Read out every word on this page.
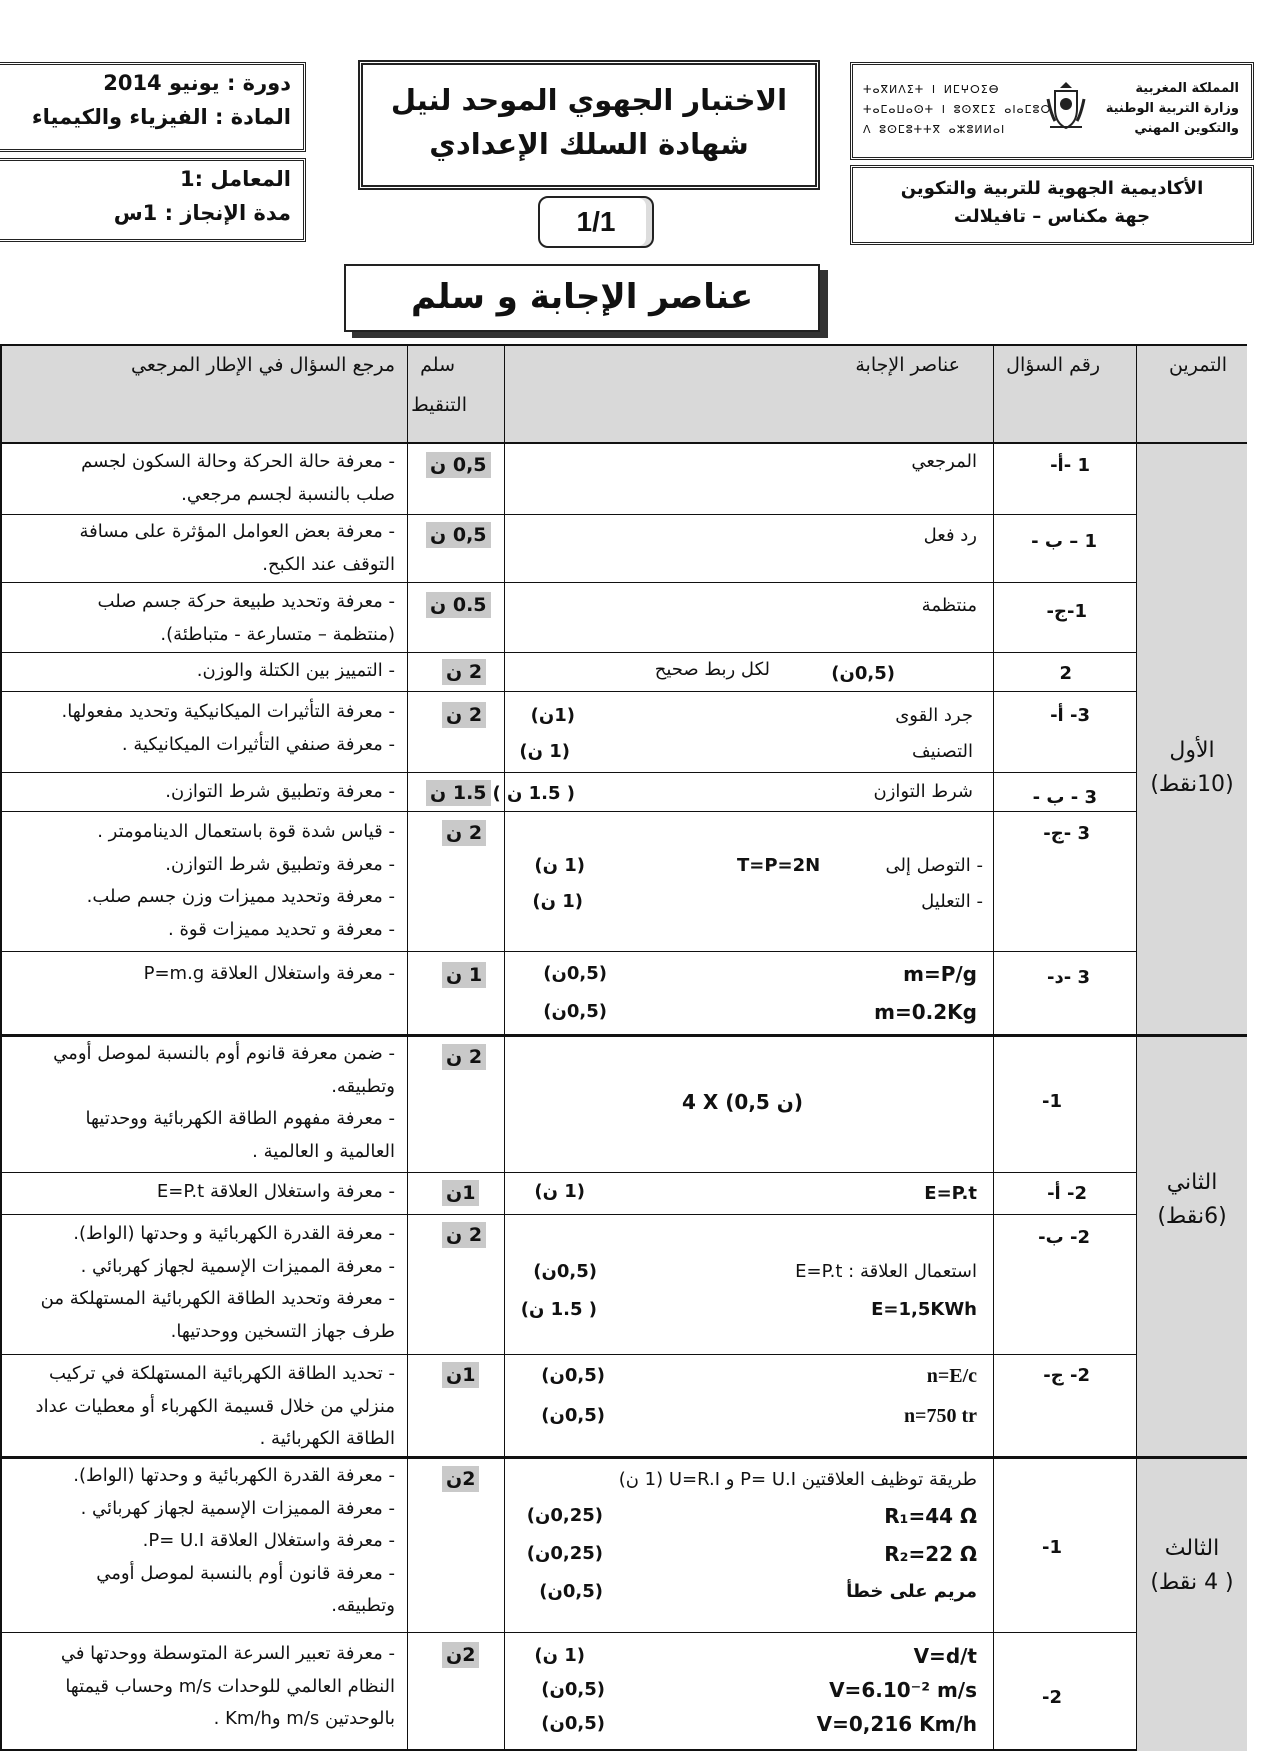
دورة : يونيو 2014
المادة : الفيزياء والكيمياء
المعامل :1
مدة الإنجاز : 1س
الاختبار الجهوي الموحد لنيل
شهادة السلك الإعدادي
1/1
ⵜⴰⴳⵍⴷⵉⵜ ⵏ ⵍⵎⵖⵔⵉⴱ
ⵜⴰⵎⴰⵡⴰⵙⵜ ⵏ ⵓⵙⴳⵎⵉ ⴰⵏⴰⵎⵓⵔ
ⴷ ⵓⵙⵎⵓⵜⵜⴳ ⴰⵣⵓⵍⵍⴰⵏ
المملكة المغربية
وزارة التربية الوطنية
والتكوين المهني
الأكاديمية الجهوية للتربية والتكوين
جهة مكناس – تافيلالت
عناصر الإجابة و سلم
التمرين
رقم السؤال
عناصر الإجابة
سلم
التنقيط
مرجع السؤال في الإطار المرجعي
الأول
(10نقط)
الثاني
(6نقط)
الثالث
( 4 نقط)
1 -أ-
المرجعي
0,5 ن
- معرفة حالة الحركة وحالة السكون لجسم
صلب بالنسبة لجسم مرجعي.
1 – ب -
رد فعل
0,5 ن
- معرفة بعض العوامل المؤثرة على مسافة
التوقف عند الكبح.
1-ج-
منتظمة
0.5 ن
- معرفة وتحديد طبيعة حركة جسم صلب
(منتظمة – متسارعة - متباطئة).
2
لكل ربط صحيح	(0,5ن)
2 ن
- التمييز بين الكتلة والوزن.
3- أ-
جرد القوى
التصنيف
(1ن)
(1 ن)
2 ن
- معرفة التأثيرات الميكانيكية وتحديد مفعولها.
- معرفة صنفي التأثيرات الميكانيكية .
3 - ب -
شرط التوازن
( 1.5 ن )
1.5 ن
- معرفة وتطبيق شرط التوازن.
3 -ج-
- التوصل إلى
T=P=2N
- التعليل
(1 ن)
(1 ن)
2 ن
- قياس شدة قوة باستعمال الدينامومتر .
- معرفة وتطبيق شرط التوازن.
- معرفة وتحديد مميزات وزن جسم صلب.
- معرفة و تحديد مميزات قوة .
3 -د-
m=P/g
m=0.2Kg
(0,5ن)
(0,5ن)
1 ن
- معرفة واستغلال العلاقة P=m.g
1-
4 X (0,5 ن)
2 ن
- ضمن معرفة قانوم أوم بالنسبة لموصل أومي
وتطبيقه.
- معرفة مفهوم الطاقة الكهربائية ووحدتيها
العالمية و العالمية .
2- أ-
E=P.t
(1 ن)
1ن
- معرفة واستغلال العلاقة E=P.t
2- ب-
استعمال العلاقة : E=P.t
E=1,5KWh
(0,5ن)
( 1.5 ن)
2 ن
- معرفة القدرة الكهربائية و وحدتها (الواط).
- معرفة المميزات الإسمية لجهاز كهربائي .
- معرفة وتحديد الطاقة الكهربائية المستهلكة من
طرف جهاز التسخين ووحدتيها.
2- ج-
n=E/c
n=750 tr
(0,5ن)
(0,5ن)
1ن
- تحديد الطاقة الكهربائية المستهلكة في تركيب
منزلي من خلال قسيمة الكهرباء أو معطيات عداد
الطاقة الكهربائية .
1-
طريقة توظيف العلاقتين P= U.I و U=R.I (1 ن)
R₁=44 Ω
R₂=22 Ω
مريم على خطأ
(0,25ن)
(0,25ن)
(0,5ن)
2ن
- معرفة القدرة الكهربائية و وحدتها (الواط).
- معرفة المميزات الإسمية لجهاز كهربائي .
- معرفة واستغلال العلاقة P= U.I.
- معرفة قانون أوم بالنسبة لموصل أومي
وتطبيقه.
2-
V=d/t
V=6.10⁻² m/s
V=0,216 Km/h
(1 ن)
(0,5ن)
(0,5ن)
2ن
- معرفة تعبير السرعة المتوسطة ووحدتها في
النظام العالمي للوحدات m/s وحساب قيمتها
بالوحدتين m/s وKm/h .
